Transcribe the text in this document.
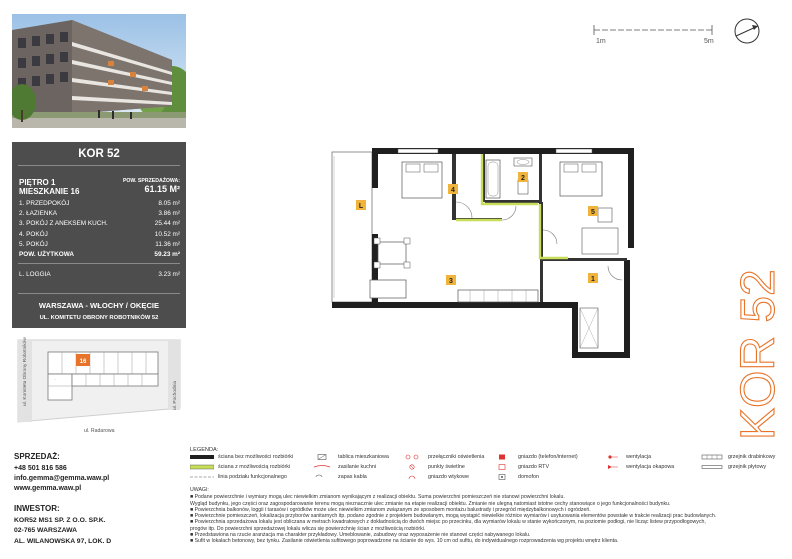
KOR 52
PIĘTRO 1
MIESZKANIE 16
POW. SPRZEDAŻOWA:
61.15 M²
1. PRZEDPOKÓJ	8.05 m²
2. ŁAZIENKA	3.86 m²
3. POKÓJ Z ANEKSEM KUCH.	25.44 m²
4. POKÓJ	10.52 m²
5. POKÓJ	11.36 m²
POW. UŻYTKOWA	59.23 m²
L. LOGGIA	3.23 m²
WARSZAWA - WŁOCHY / OKĘCIE
UL. KOMITETU OBRONY ROBOTNIKÓW 52
16
·
ul. Komitetu Obrony Robotników
ul. Radarowa
ul. Pochodnia
1m	5m
1
2
3
4
5
L
KOR 52
SPRZEDAŻ:
+48 501 816 586
info.gemma@gemma.waw.pl
www.gemma.waw.pl
INWESTOR:
KOR52 MS1 SP. Z O.O. SP.K.
02-765 WARSZAWA
AL. WILANOWSKA 97, LOK. D
LEGENDA:
ściana bez możliwości rozbiórki
ściana z możliwością rozbiórki
linia podziału funkcjonalnego
tablica mieszkaniowa
zasilanie kuchni
zapas kabla
przełączniki oświetlenia
punkty świetlne
gniazdo wtykowe
gniazdo (telefon/internet)
gniazdo RTV
domofon
wentylacja
wentylacja okapowa
grzejnik drabinkowy
grzejnik płytowy
UWAGI:
■ Podane powierzchnie i wymiary mogą ulec niewielkim zmianom wynikającym z realizacji obiektu. Suma powierzchni pomieszczeń nie stanowi powierzchni lokalu.
Wygląd budynku, jego części oraz zagospodarowanie terenu mogą nieznacznie ulec zmianie na etapie realizacji obiektu. Zmianie nie ulegną natomiast istotne cechy stanowiące o jego funkcjonalności budynku.
■ Powierzchnia balkonów, loggii i tarasów i ogródków może ulec niewielkim zmianom związanym ze sposobem montażu balustrady i przegród międzybalkonowych i ogródzeń.
■ Powierzchnie pomieszczeń, lokalizacja przyborów sanitarnych itp. podano zgodnie z projektem budowlanym, mogą wystąpić niewielkie różnice wymiarów i usytuowania elementów powstałe w trakcie realizacji prac budowlanych.
■ Powierzchnia sprzedażowa lokalu jest obliczana w metrach kwadratowych z dokładnością do dwóch miejsc po przecinku, dla wymiarów lokalu w stanie wykończonym, na poziomie podłogi, nie licząc listew przypodłogowych,
progów itp. Do powierzchni sprzedażowej lokalu wlicza się powierzchnię ścian z możliwością rozbiórki.
■ Przedstawiona na rzucie aranżacja ma charakter przykładowy. Umeblowanie, zabudowy oraz wyposażenie nie stanowi części nabywanego lokalu.
■ Sufit w lokalach betonowy, bez tynku. Zasilanie oświetlenia sufitowego poprowadzone na ścianie do wys. 10 cm od sufitu, do indywidualnego rozprowadzenia wg projektu wnętrz klienta.
